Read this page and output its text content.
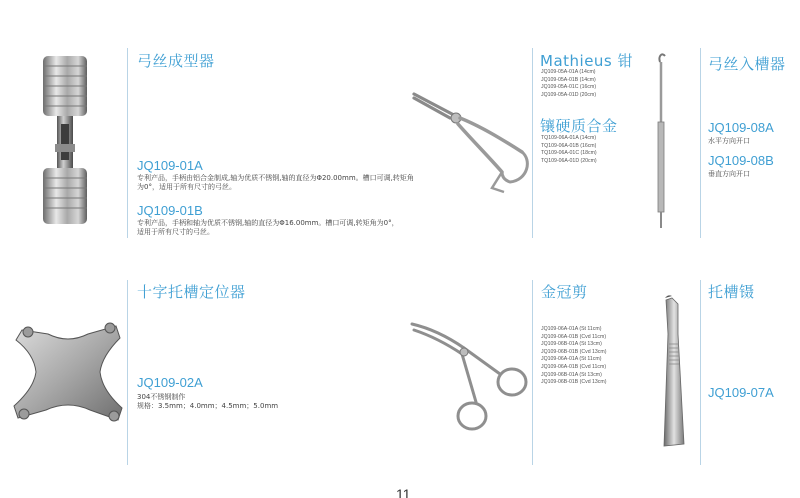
弓丝成型器
JQ109-01A
专利产品，手柄由铝合金制成,轴为优质不锈钢,轴的直径为Φ20.00mm。槽口可调,转矩角为0°，适用于所有尺寸的弓丝。
JQ109-01B
专利产品，手柄和轴为优质不锈钢,轴的直径为Φ16.00mm。槽口可调,转矩角为0°，
适用于所有尺寸的弓丝。
Mathieus 钳
JQ109-05A-01A (14cm)
JQ109-05A-01B (14cm)
JQ109-05A-01C (16cm)
JQ109-05A-01D (20cm)
镶硬质合金
TQ109-06A-01A (14cm)
TQ109-06A-01B (16cm)
TQ109-06A-01C (18cm)
TQ109-06A-01D (20cm)
弓丝入槽器
JQ109-08A
水平方向开口
JQ109-08B
垂直方向开口
十字托槽定位器
JQ109-02A
304不锈钢制作
规格：3.5mm；4.0mm；4.5mm；5.0mm
金冠剪
JQ109-06A-01A (St 11cm)
JQ109-06A-01B (Cvd 11cm)
JQ109-06B-01A (St 13cm)
JQ109-06B-01B (Cvd 13cm)
JQ109-06A-01A (St 11cm)
JQ109-06A-01B (Cvd 11cm)
JQ109-06B-01A (St 13cm)
JQ109-06B-01B (Cvd 13cm)
托槽镊
JQ109-07A
11
